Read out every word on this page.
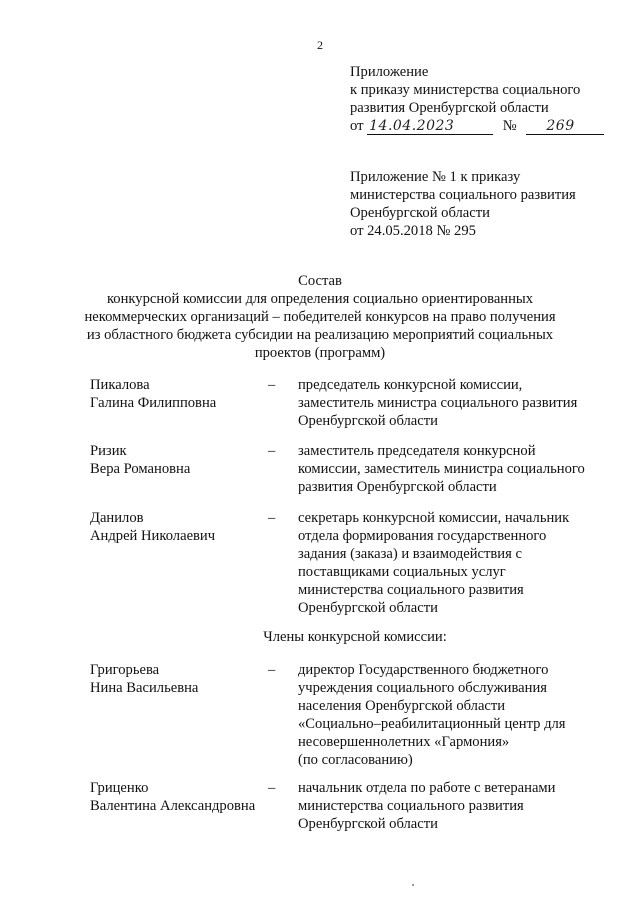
2
Приложение
к приказу министерства социального
развития Оренбургской области
от 14.04.2023	№ 269
Приложение № 1 к приказу
министерства социального развития
Оренбургской области
от 24.05.2018 № 295
Состав
конкурсной комиссии для определения социально ориентированных
некоммерческих организаций – победителей конкурсов на право получения
из областного бюджета субсидии на реализацию мероприятий социальных
проектов (программ)
Пикалова
Галина Филипповна
–	председатель конкурсной комиссии,
заместитель министра социального развития
Оренбургской области
Ризик
Вера Романовна
–	заместитель председателя конкурсной
комиссии, заместитель министра социального
развития Оренбургской области
Данилов
Андрей Николаевич
–	секретарь конкурсной комиссии, начальник
отдела формирования государственного
задания (заказа) и взаимодействия с
поставщиками социальных услуг
министерства социального развития
Оренбургской области
Члены конкурсной комиссии:
Григорьева
Нина Васильевна
–	директор Государственного бюджетного
учреждения социального обслуживания
населения Оренбургской области
«Социально–реабилитационный центр для
несовершеннолетних «Гармония»
(по согласованию)
Гриценко
Валентина Александровна
–	начальник отдела по работе с ветеранами
министерства социального развития
Оренбургской области
